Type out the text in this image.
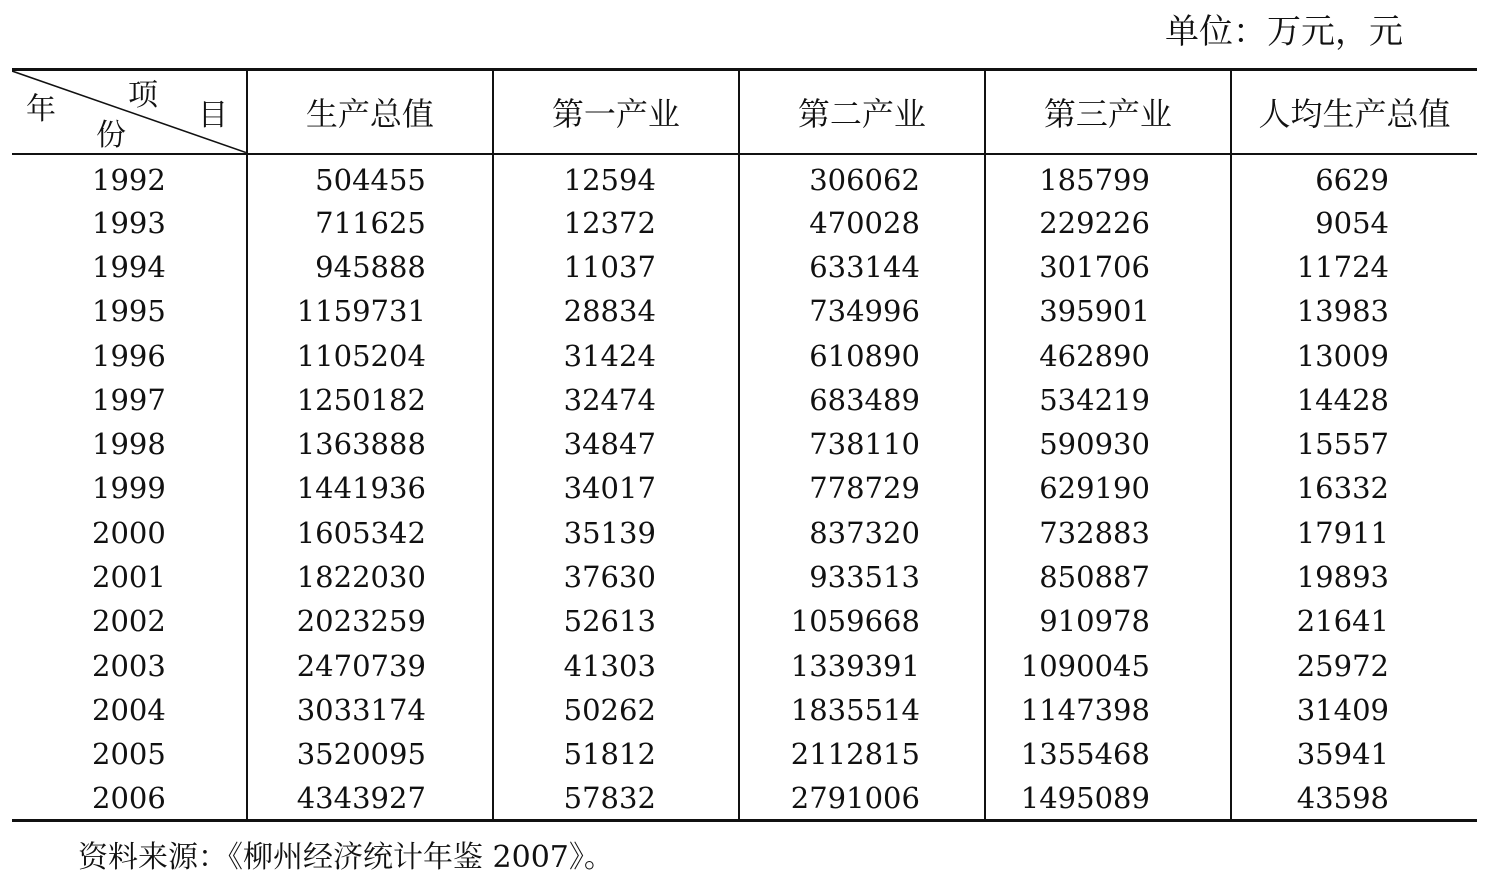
单位：万元，元
年
份
项
目	生产总值	第一产业	第二产业	第三产业	人均生产总值
1992	504455	12594	306062	185799	6629
1993	711625	12372	470028	229226	9054
1994	945888	11037	633144	301706	11724
1995	1159731	28834	734996	395901	13983
1996	1105204	31424	610890	462890	13009
1997	1250182	32474	683489	534219	14428
1998	1363888	34847	738110	590930	15557
1999	1441936	34017	778729	629190	16332
2000	1605342	35139	837320	732883	17911
2001	1822030	37630	933513	850887	19893
2002	2023259	52613	1059668	910978	21641
2003	2470739	41303	1339391	1090045	25972
2004	3033174	50262	1835514	1147398	31409
2005	3520095	51812	2112815	1355468	35941
2006	4343927	57832	2791006	1495089	43598
资料来源：《柳州经济统计年鉴 2007》。
